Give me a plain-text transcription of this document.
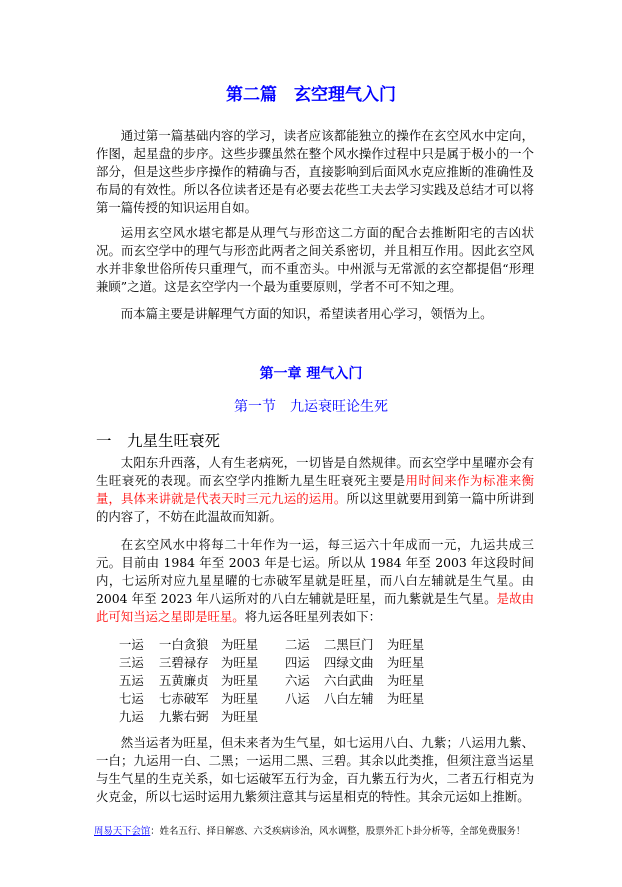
第二篇　玄空理气入门

通过第一篇基础内容的学习，读者应该都能独立的操作在玄空风水中定向，作图，起星盘的步序。这些步骤虽然在整个风水操作过程中只是属于极小的一个部分，但是这些步序操作的精确与否，直接影响到后面风水克应推断的准确性及布局的有效性。所以各位读者还是有必要去花些工夫去学习实践及总结才可以将第一篇传授的知识运用自如。

运用玄空风水堪宅都是从理气与形峦这二方面的配合去推断阳宅的吉凶状况。而玄空学中的理气与形峦此两者之间关系密切，并且相互作用。因此玄空风水并非象世俗所传只重理气，而不重峦头。中州派与无常派的玄空都提倡“形理兼顾”之道。这是玄空学内一个最为重要原则，学者不可不知之理。

而本篇主要是讲解理气方面的知识，希望读者用心学习，领悟为上。

第一章 理气入门
第一节　九运衰旺论生死
一　九星生旺衰死

太阳东升西落，人有生老病死，一切皆是自然规律。而玄空学中星曜亦会有生旺衰死的表现。而玄空学内推断九星生旺衰死主要是用时间来作为标准来衡量，具体来讲就是代表天时三元九运的运用。所以这里就要用到第一篇中所讲到的内容了，不妨在此温故而知新。

在玄空风水中将每二十年作为一运，每三运六十年成而一元，九运共成三元。目前由 1984 年至 2003 年是七运。所以从 1984 年至 2003 年这段时间内，七运所对应九星星曜的七赤破军星就是旺星，而八白左辅就是生气星。由 2004 年至 2023 年八运所对的八白左辅就是旺星，而九紫就是生气星。是故由此可知当运之星即是旺星。将九运各旺星列表如下：

一运 一白贪狼 为旺星 二运 二黑巨门 为旺星
三运 三碧禄存 为旺星 四运 四绿文曲 为旺星
五运 五黄廉贞 为旺星 六运 六白武曲 为旺星
七运 七赤破军 为旺星 八运 八白左辅 为旺星
九运 九紫右弼 为旺星

然当运者为旺星，但未来者为生气星，如七运用八白、九紫；八运用九紫、一白；九运用一白、二黑；一运用二黑、三碧。其余以此类推，但须注意当运星与生气星的生克关系，如七运破军五行为金，百九紫五行为火，二者五行相克为火克金，所以七运时运用九紫须注意其与运星相克的特性。其余元运如上推断。

周易天下会馆：姓名五行、择日解惑、六爻疾病诊治，风水调整，股票外汇卜卦分析等，全部免费服务！
